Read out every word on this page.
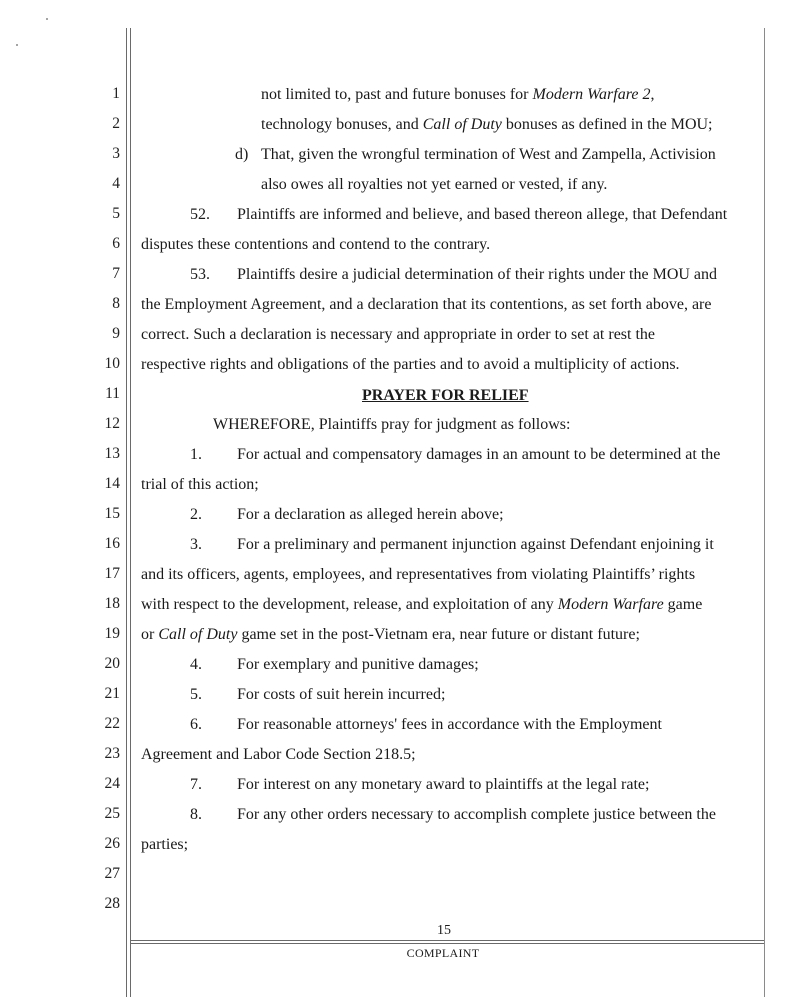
1
2
3
4
5
6
7
8
9
10
11
12
13
14
15
16
17
18
19
20
21
22
23
24
25
26
27
28
not limited to, past and future bonuses for Modern Warfare 2,
technology bonuses, and Call of Duty bonuses as defined in the MOU;
d) That, given the wrongful termination of West and Zampella, Activision
also owes all royalties not yet earned or vested, if any.
52. Plaintiffs are informed and believe, and based thereon allege, that Defendant
disputes these contentions and contend to the contrary.
53. Plaintiffs desire a judicial determination of their rights under the MOU and
the Employment Agreement, and a declaration that its contentions, as set forth above, are
correct. Such a declaration is necessary and appropriate in order to set at rest the
respective rights and obligations of the parties and to avoid a multiplicity of actions.
PRAYER FOR RELIEF
WHEREFORE, Plaintiffs pray for judgment as follows:
1. For actual and compensatory damages in an amount to be determined at the
trial of this action;
2. For a declaration as alleged herein above;
3. For a preliminary and permanent injunction against Defendant enjoining it
and its officers, agents, employees, and representatives from violating Plaintiffs’ rights
with respect to the development, release, and exploitation of any Modern Warfare game
or Call of Duty game set in the post-Vietnam era, near future or distant future;
4. For exemplary and punitive damages;
5. For costs of suit herein incurred;
6. For reasonable attorneys' fees in accordance with the Employment
Agreement and Labor Code Section 218.5;
7. For interest on any monetary award to plaintiffs at the legal rate;
8. For any other orders necessary to accomplish complete justice between the
parties;
15
COMPLAINT
